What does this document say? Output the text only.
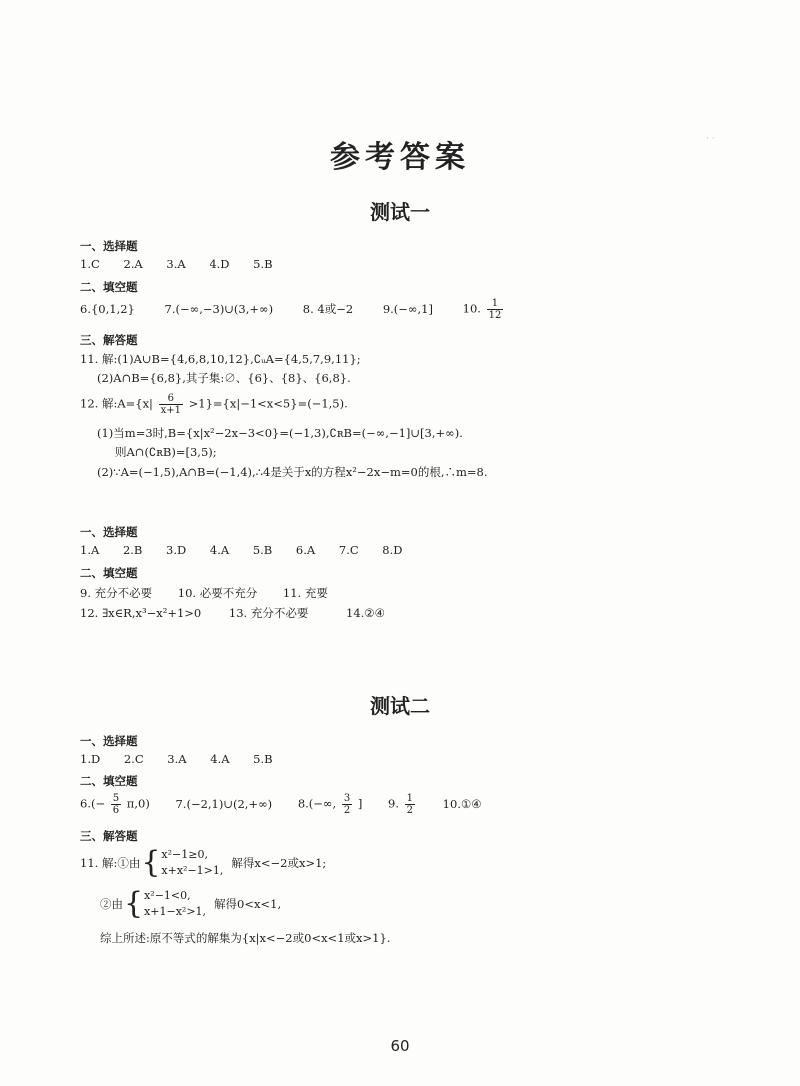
· ·
参考答案
测试一
一、选择题
1.C 2.A 3.A 4.D 5.B
二、填空题
6.{0,1,2}	7.(−∞,−3)∪(3,+∞)	8. 4或−2	9.(−∞,1]	10. $\frac{1}{12}$
三、解答题
11. 解:(1)A∪B={4,6,8,10,12},∁ᵤA={4,5,7,9,11};
(2)A∩B={6,8},其子集:∅、{6}、{8}、{6,8}.
12. 解:A={x| $\frac{6}{x+1} >1\}=\{x|-1<x<5\}=(-1,5)$.
(1)当m=3时,B={x|x²−2x−3<0}=(−1,3),∁ʀB=(−∞,−1]∪[3,+∞).
则A∩(∁ʀB)=[3,5);
(2)∵A=(−1,5),A∩B=(−1,4),∴4是关于x的方程x²−2x−m=0的根,∴m=8.
一、选择题
1.A 2.B 3.D 4.A 5.B 6.A 7.C 8.D
二、填空题
9. 充分不必要 10. 必要不充分 11. 充要
12. ∃x∈R,x³−x²+1>0 13. 充分不必要	14.②④
测试二
一、选择题
1.D 2.C 3.A 4.A 5.B
二、填空题
$6.(- \frac{5}{6} \pi,0)$ 7.(−2,1)∪(2,+∞) 8.(−∞, $\frac{3}{2}$ ] 9. $\frac{1}{2}$ 10.①④
三、解答题
11. 解:①由 { x²−1≥0,
x+x²−1>1,
解得x<−2或x>1;
②由 { x²−1<0,
x+1−x²>1,
解得0<x<1,
综上所述:原不等式的解集为{x|x<−2或0<x<1或x>1}.
60
